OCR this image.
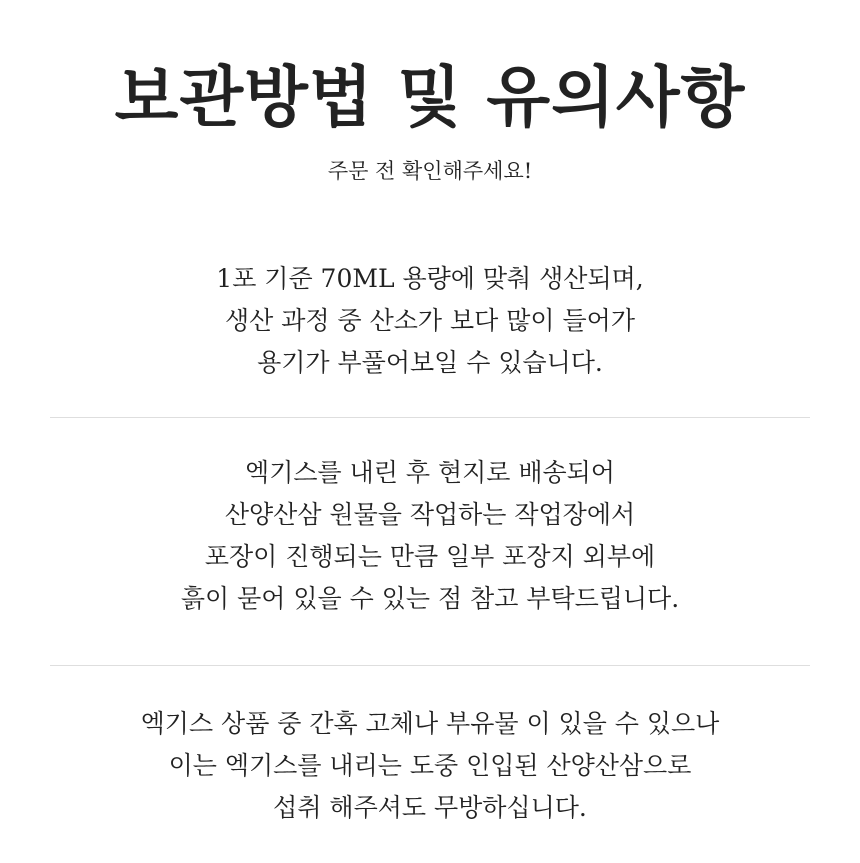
보관방법 및 유의사항

주문 전 확인해주세요!

1포 기준 70ML 용량에 맞춰 생산되며,
생산 과정 중 산소가 보다 많이 들어가
용기가 부풀어보일 수 있습니다.
엑기스를 내린 후 현지로 배송되어
산양산삼 원물을 작업하는 작업장에서
포장이 진행되는 만큼 일부 포장지 외부에
흙이 묻어 있을 수 있는 점 참고 부탁드립니다.
엑기스 상품 중 간혹 고체나 부유물 이 있을 수 있으나
이는 엑기스를 내리는 도중 인입된 산양산삼으로
섭취 해주셔도 무방하십니다.
